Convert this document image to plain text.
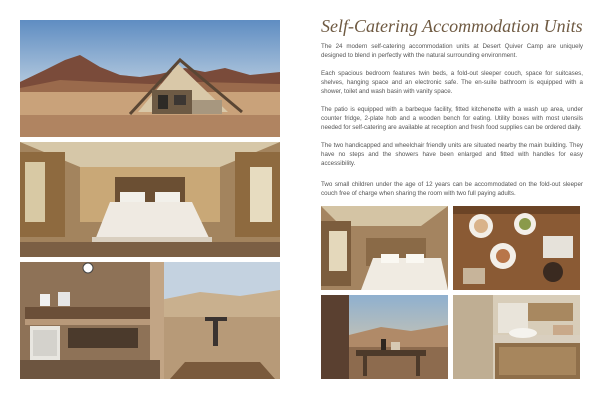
Self-Catering Accommodation Units

The 24 modern self-catering accommodation units at Desert Quiver Camp are uniquely designed to blend in perfectly with the natural surrounding environment.

Each spacious bedroom features twin beds, a fold-out sleeper couch, space for suitcases, shelves, hanging space and an electronic safe. The en-suite bathroom is equipped with a shower, toilet and wash basin with vanity space.

The patio is equipped with a barbeque facility, fitted kitchenette with a wash up area, under counter fridge, 2-plate hob and a wooden bench for eating. Utility boxes with most utensils needed for self-catering are available at reception and fresh food supplies can be ordered daily.

The two handicapped and wheelchair friendly units are situated nearby the main building. They have no steps and the showers have been enlarged and fitted with handles for easy accessibility.

Two small children under the age of 12 years can be accommodated on the fold-out sleeper couch free of charge when sharing the room with two full paying adults.
